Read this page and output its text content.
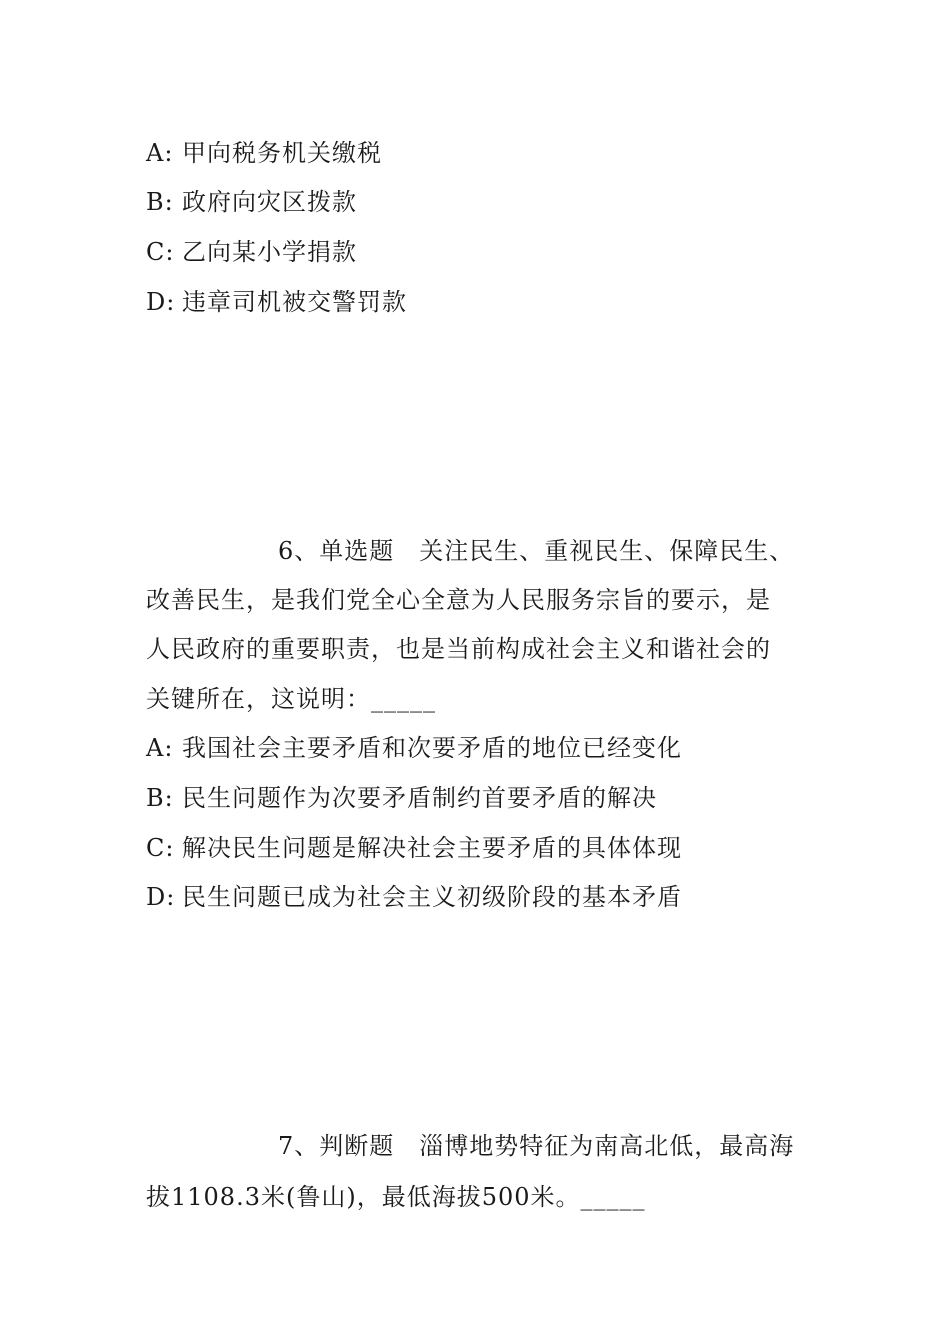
A: 甲向税务机关缴税
B: 政府向灾区拨款
C: 乙向某小学捐款
D: 违章司机被交警罚款
6、单选题　关注民生、重视民生、保障民生、
改善民生，是我们党全心全意为人民服务宗旨的要示，是
人民政府的重要职责，也是当前构成社会主义和谐社会的
关键所在，这说明：_____
A: 我国社会主要矛盾和次要矛盾的地位已经变化
B: 民生问题作为次要矛盾制约首要矛盾的解决
C: 解决民生问题是解决社会主要矛盾的具体体现
D: 民生问题已成为社会主义初级阶段的基本矛盾
7、判断题　淄博地势特征为南高北低，最高海
拔1108.3米(鲁山)，最低海拔500米。_____
